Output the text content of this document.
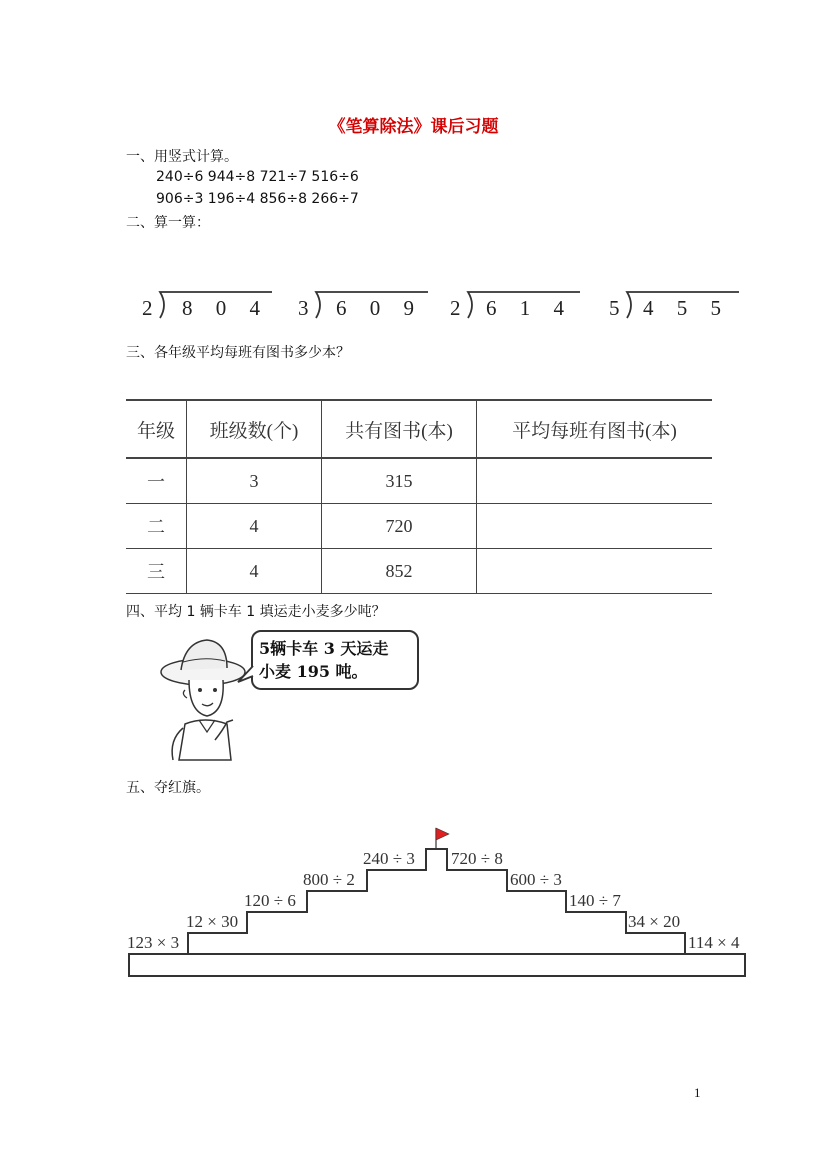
《笔算除法》课后习题
一、用竖式计算。
240÷6 944÷8 721÷7 516÷6
906÷3 196÷4 856÷8 266÷7
二、算一算：
2 8 0 4 3 6 0 9 2 6 1 4 5 4 5 5
三、各年级平均每班有图书多少本？
年级	班级数(个)	共有图书(本)	平均每班有图书(本)
一	3	315	
二	4	720	
三	4	852	
四、平均 1 辆卡车 1 填运走小麦多少吨？
5辆卡车 3 天运走
小麦 195 吨。
五、夺红旗。
123 × 3
12 × 30
120 ÷ 6
800 ÷ 2
240 ÷ 3 720 ÷ 8
600 ÷ 3
140 ÷ 7
34 × 20
114 × 4
1
